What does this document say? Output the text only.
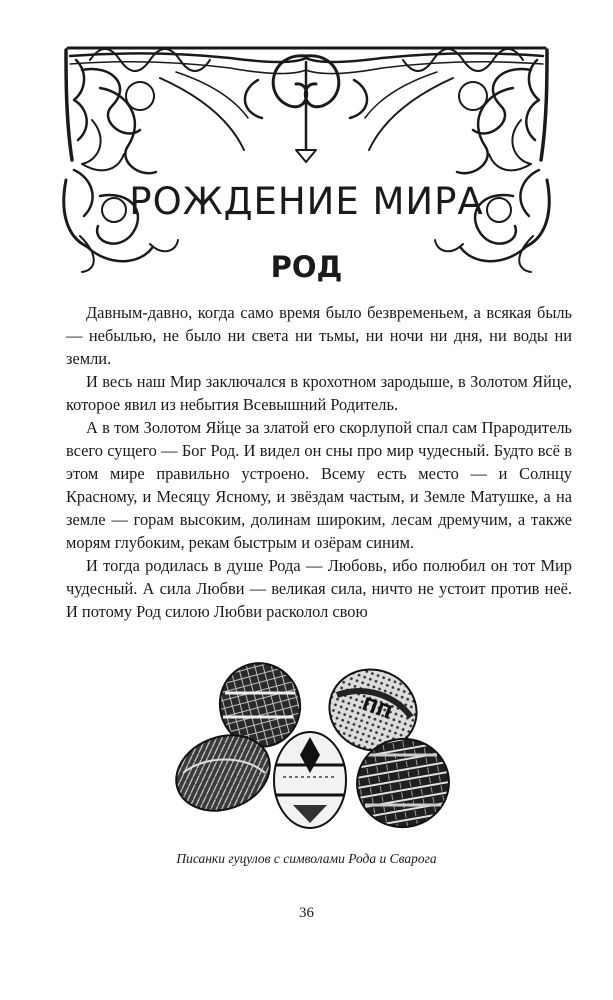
РОЖДЕНИЕ МИРА
РОД

Давным-давно, когда само время было безвременьем, а всякая быль — небылью, не было ни света ни тьмы, ни ночи ни дня, ни воды ни земли.

И весь наш Мир заключался в крохотном зародыше, в Золотом Яйце, которое явил из небытия Всевышний Родитель.

А в том Золотом Яйце за златой его скорлупой спал сам Прародитель всего сущего — Бог Род. И видел он сны про мир чудесный. Будто всё в этом мире правильно устроено. Всему есть место — и Солнцу Красному, и Месяцу Ясному, и звёздам частым, и Земле Матушке, а на земле — горам высоким, долинам широким, лесам дремучим, а также морям глубоким, рекам быстрым и озёрам синим.

И тогда родилась в душе Рода — Любовь, ибо полюбил он тот Мир чудесный. А сила Любви — великая сила, ничто не устоит против неё. И потому Род силою Любви расколол свою

ПП
Писанки гуцулов с символами Рода и Сварога
36
